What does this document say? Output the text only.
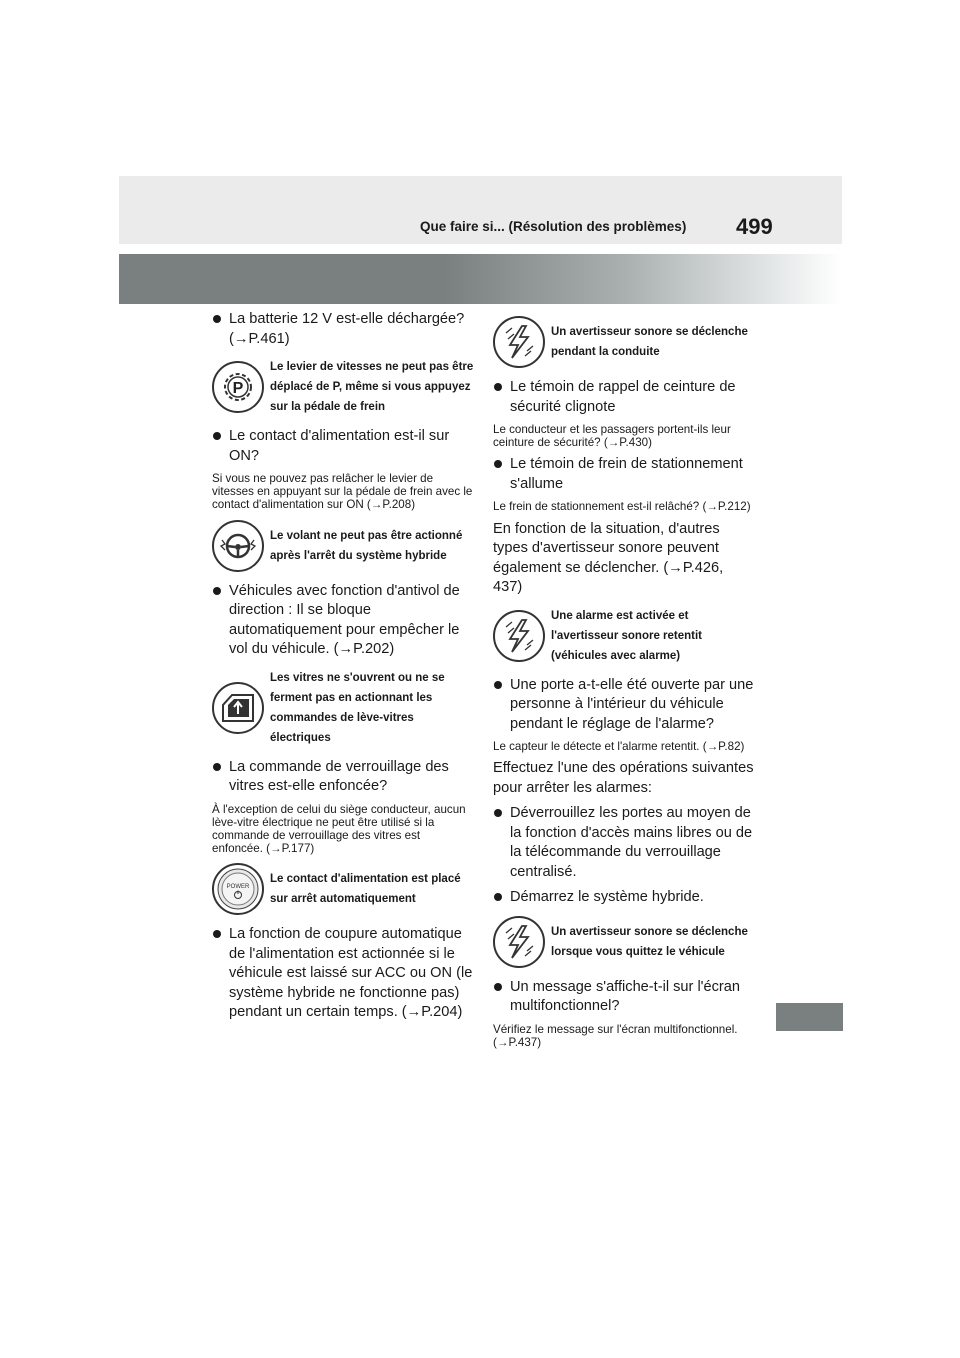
Que faire si... (Résolution des problèmes) 499

La batterie 12 V est-elle déchargée? (→P.461)

P
Le levier de vitesses ne peut pas être déplacé de P, même si vous appuyez sur la pédale de frein

Le contact d'alimentation est-il sur ON?

Si vous ne pouvez pas relâcher le levier de vitesses en appuyant sur la pédale de frein avec le contact d'alimentation sur ON (→P.208)

Le volant ne peut pas être actionné après l'arrêt du système hybride

Véhicules avec fonction d'antivol de direction : Il se bloque automatiquement pour empêcher le vol du véhicule. (→P.202)

Les vitres ne s'ouvrent ou ne se ferment pas en actionnant les commandes de lève-vitres électriques

La commande de verrouillage des vitres est-elle enfoncée?

À l'exception de celui du siège conducteur, aucun lève-vitre électrique ne peut être utilisé si la commande de verrouillage des vitres est enfoncée. (→P.177)

POWER
Le contact d'alimentation est placé sur arrêt automatiquement

La fonction de coupure automatique de l'alimentation est actionnée si le véhicule est laissé sur ACC ou ON (le système hybride ne fonctionne pas) pendant un certain temps. (→P.204)

Un avertisseur sonore se déclenche pendant la conduite

Le témoin de rappel de ceinture de sécurité clignote

Le conducteur et les passagers portent-ils leur ceinture de sécurité? (→P.430)

Le témoin de frein de stationnement s'allume

Le frein de stationnement est-il relâché? (→P.212)

En fonction de la situation, d'autres types d'avertisseur sonore peuvent également se déclencher. (→P.426, 437)

Une alarme est activée et l'avertisseur sonore retentit (véhicules avec alarme)

Une porte a-t-elle été ouverte par une personne à l'intérieur du véhicule pendant le réglage de l'alarme?

Le capteur le détecte et l'alarme retentit. (→P.82)

Effectuez l'une des opérations suivantes pour arrêter les alarmes:

Déverrouillez les portes au moyen de la fonction d'accès mains libres ou de la télécommande du verrouillage centralisé.

Démarrez le système hybride.

Un avertisseur sonore se déclenche lorsque vous quittez le véhicule

Un message s'affiche-t-il sur l'écran multifonctionnel?

Vérifiez le message sur l'écran multifonctionnel. (→P.437)
